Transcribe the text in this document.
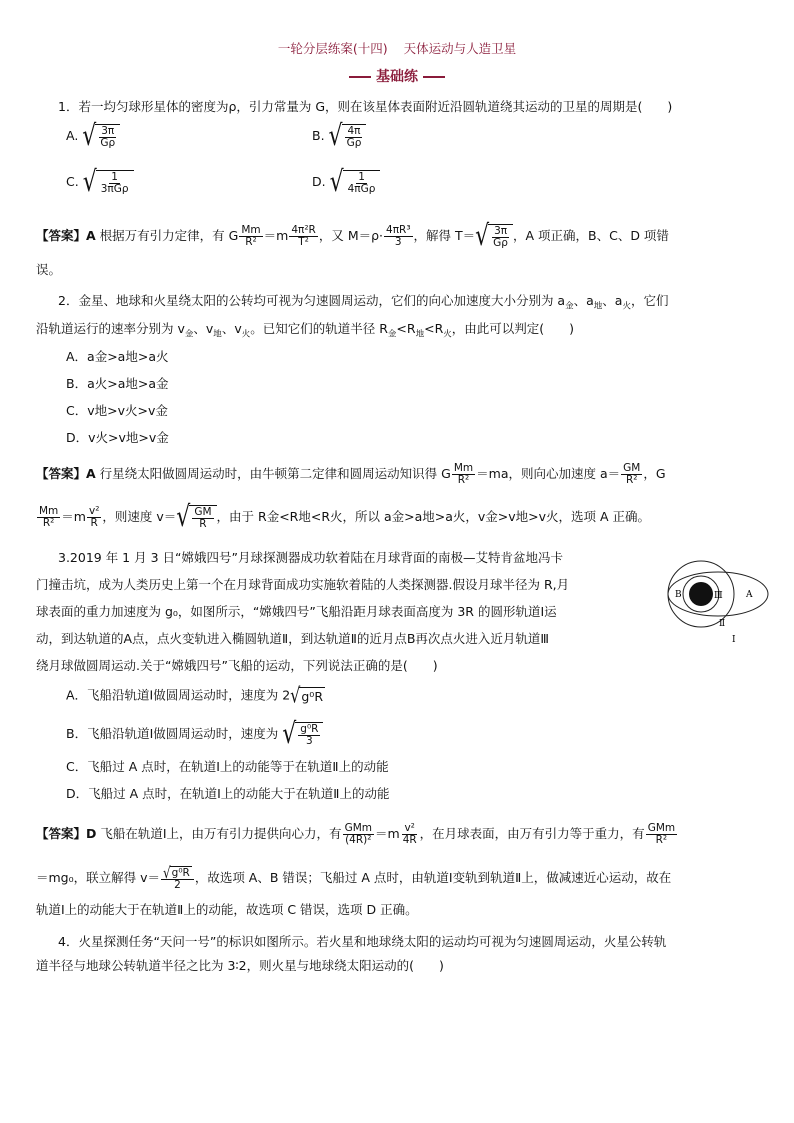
一轮分层练案(十四) 天体运动与人造卫星
基础练
1．若一均匀球形星体的密度为ρ，引力常量为 G，则在该星体表面附近沿圆轨道绕其运动的卫星的周期是(　　)
A. √ $\frac{3\pi}{G\rho}$	B. √ $\frac{4\pi}{G\rho}$
C. √ $\frac{1}{\text{3πGρ}}$	D. √ $\frac{1}{\text{4πGρ}}$
【答案】A 根据万有引力定律，有 G $\frac{Mm}{\text{R²}} =m \frac{\text{4π²R}}{\text{T²}}$ ，又 $M=\rho\cdot \frac{\text{4πR³}}{3}$ ，解得 T＝ √ $\frac{3\pi}{G\rho}$ ，A 项正确，B、C、D 项错
误。
2．金星、地球和火星绕太阳的公转均可视为匀速圆周运动，它们的向心加速度大小分别为 $a_金$、$a_地$、$a_火$，它们
沿轨道运行的速率分别为 $v_金$、$v_地$、$v_火$。已知它们的轨道半径 $R_金<R_地<R_火$，由此可以判定(　　)
A．a金>a地>a火
B．a火>a地>a金
C．v地>v火>v金
D．v火>v地>v金
【答案】A 行星绕太阳做圆周运动时，由牛顿第二定律和圆周运动知识得 G $\frac{Mm}{\text{R²}} =ma$，则向心加速度 $a= \frac{GM}{\text{R²}}$ ，G
$\frac{Mm}{\text{R²}} =m \frac{\text{v²}}{R}$ ，则速度 v＝ √ $\frac{GM}{R}$ ，由于 R金<R地<R火，所以 a金>a地>a火，v金>v地>v火，选项 A 正确。
3.2019 年 1 月 3 日“嫦娥四号”月球探测器成功软着陆在月球背面的南极—艾特肯盆地冯卡
门撞击坑，成为人类历史上第一个在月球背面成功实施软着陆的人类探测器.假设月球半径为 R,月
球表面的重力加速度为 g₀，如图所示，“嫦娥四号”飞船沿距月球表面高度为 3R 的圆形轨道Ⅰ运
动，到达轨道的A点，点火变轨进入椭圆轨道Ⅱ，到达轨道Ⅱ的近月点B再次点火进入近月轨道Ⅲ
绕月球做圆周运动.关于“嫦娥四号”飞船的运动，下列说法正确的是(　　)
B	A
Ⅲ
Ⅱ
Ⅰ
A．飞船沿轨道Ⅰ做圆周运动时，速度为 2 √ g⁰R
B．飞船沿轨道Ⅰ做圆周运动时，速度为 √ $\frac{\text{g⁰R}}{3}$
C．飞船过 A 点时，在轨道Ⅰ上的动能等于在轨道Ⅱ上的动能
D．飞船过 A 点时，在轨道Ⅰ上的动能大于在轨道Ⅱ上的动能
【答案】D 飞船在轨道Ⅰ上，由万有引力提供向心力，有 $\frac{\text{GMm}}{\text{(4R)²}} =m \frac{\text{v²}}{4R}$ ，在月球表面，由万有引力等于重力，有 $\frac{\text{GMm}}{\text{R²}}$
＝mg₀，联立解得 $v= \frac{\text{√ g⁰R}}{2}$ ，故选项 A、B 错误；飞船过 A 点时，由轨道Ⅰ变轨到轨道Ⅱ上，做减速近心运动，故在
轨道Ⅰ上的动能大于在轨道Ⅱ上的动能，故选项 C 错误，选项 D 正确。
4．火星探测任务“天问一号”的标识如图所示。若火星和地球绕太阳的运动均可视为匀速圆周运动，火星公转轨
道半径与地球公转轨道半径之比为 3∶2，则火星与地球绕太阳运动的(　　)
